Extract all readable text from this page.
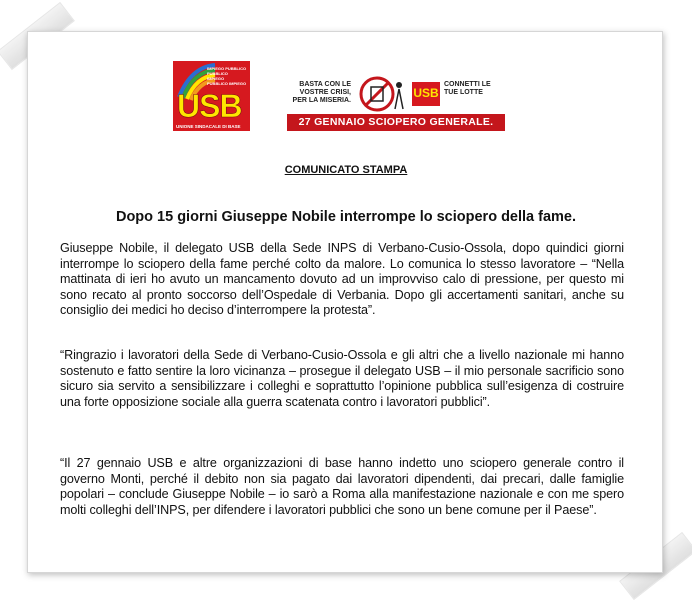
IMPIEGO PUBBLICO
PUBBLICO
IMPIEGO
PUBBLICO IMPIEGO
USB
UNIONE SINDACALE DI BASE
BASTA CON LE VOSTRE CRISI, PER LA MISERIA.
USB
CONNETTI LE TUE LOTTE
27 GENNAIO SCIOPERO GENERALE.
COMUNICATO STAMPA
Dopo 15 giorni Giuseppe Nobile interrompe lo sciopero della fame.
Giuseppe Nobile, il delegato USB della Sede INPS di Verbano-Cusio-Ossola, dopo quindici giorni interrompe lo sciopero della fame perché colto da malore. Lo comunica lo stesso lavoratore – “Nella mattinata di ieri ho avuto un mancamento dovuto ad un improvviso calo di pressione, per questo mi sono recato al pronto soccorso dell’Ospedale di Verbania. Dopo gli accertamenti sanitari, anche su consiglio dei medici ho deciso d’interrompere la protesta”.
“Ringrazio i lavoratori della Sede di Verbano-Cusio-Ossola e gli altri che a livello nazionale mi hanno sostenuto e fatto sentire la loro vicinanza – prosegue il delegato USB – il mio personale sacrificio sono sicuro sia servito a sensibilizzare i colleghi e soprattutto l’opinione pubblica sull’esigenza di costruire una forte opposizione sociale alla guerra scatenata contro i lavoratori pubblici”.
“Il 27 gennaio USB e altre organizzazioni di base hanno indetto uno sciopero generale contro il governo Monti, perché il debito non sia pagato dai lavoratori dipendenti, dai precari, dalle famiglie popolari – conclude Giuseppe Nobile – io sarò a Roma alla manifestazione nazionale e con me spero molti colleghi dell’INPS, per difendere i lavoratori pubblici che sono un bene comune per il Paese”.
